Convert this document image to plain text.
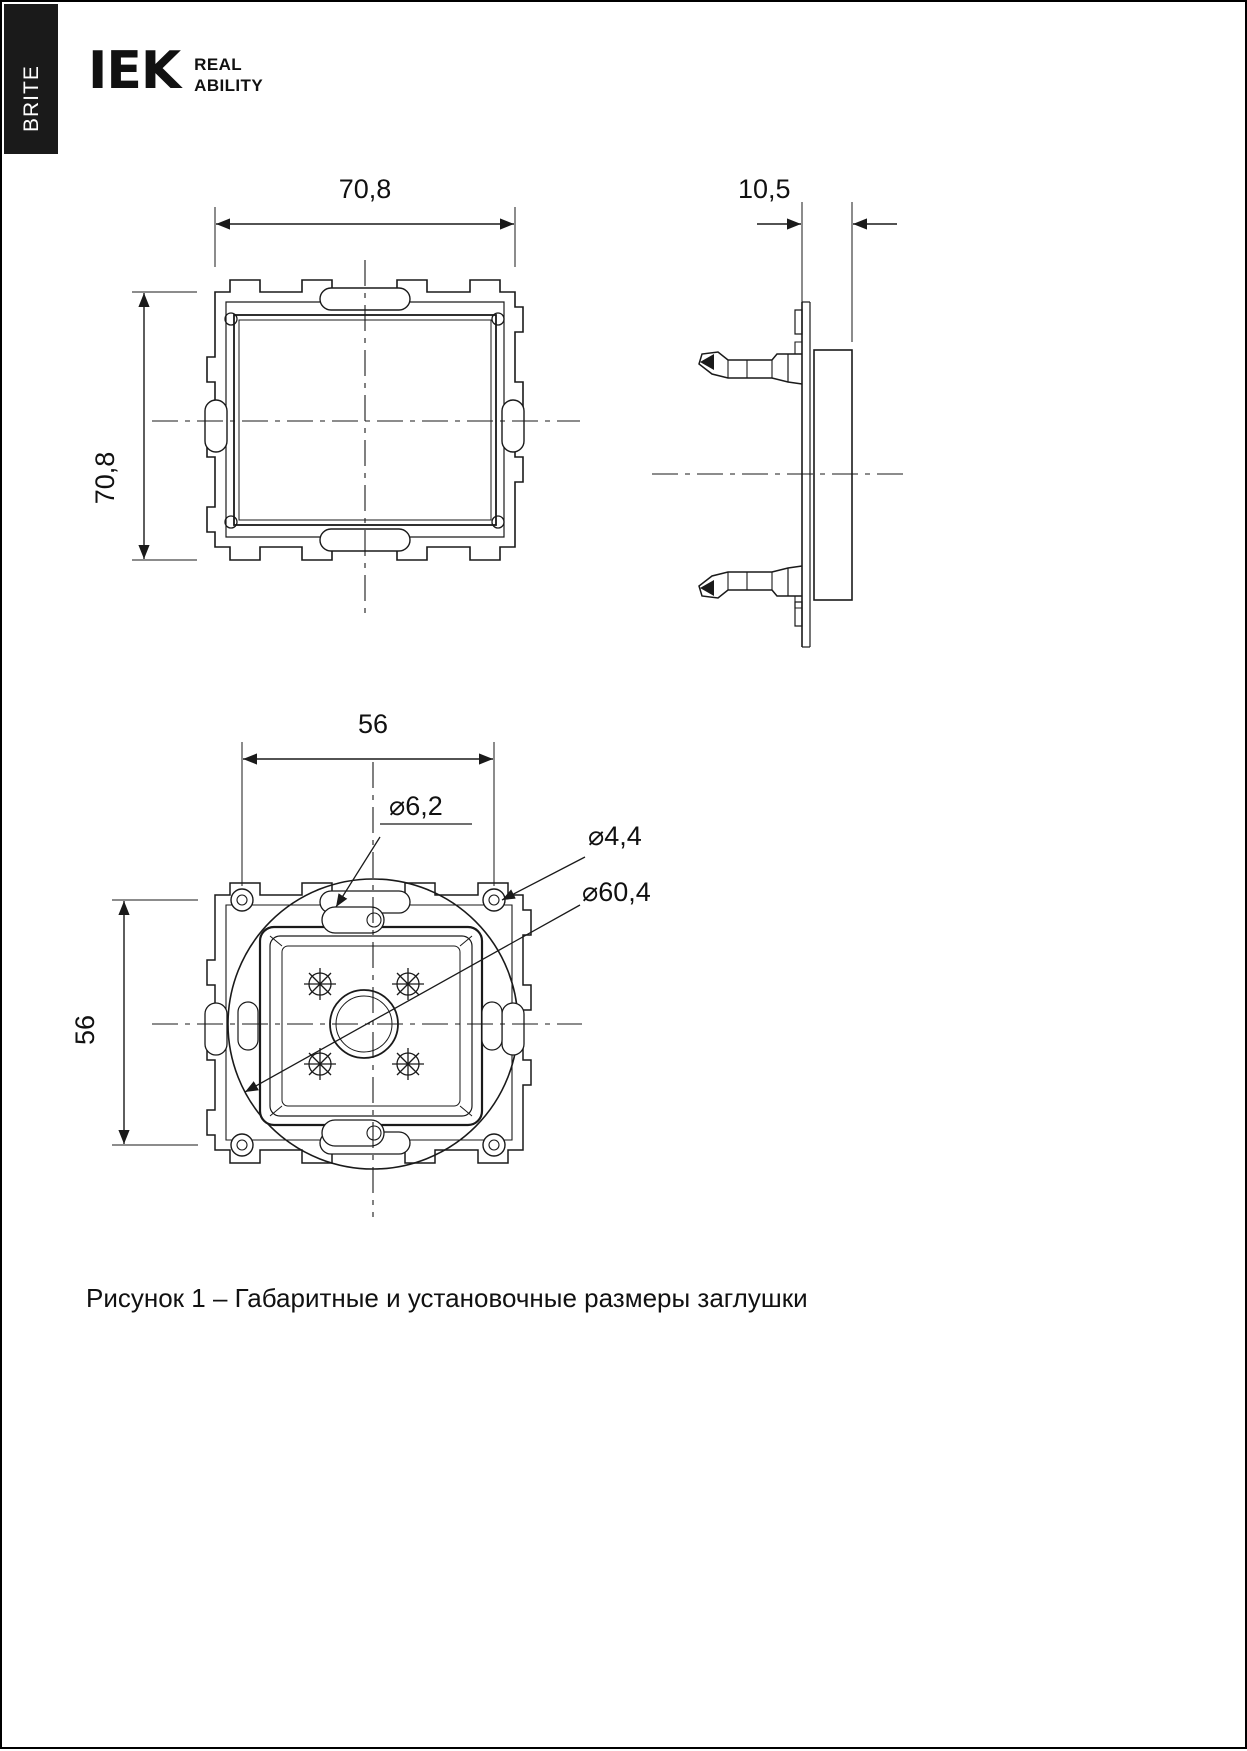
BRITE IEK REAL
ABILITY
70,8
70,8
10,5
56
56
⌀6,2
⌀4,4
⌀60,4
Рисунок 1 – Габаритные и установочные размеры заглушки
